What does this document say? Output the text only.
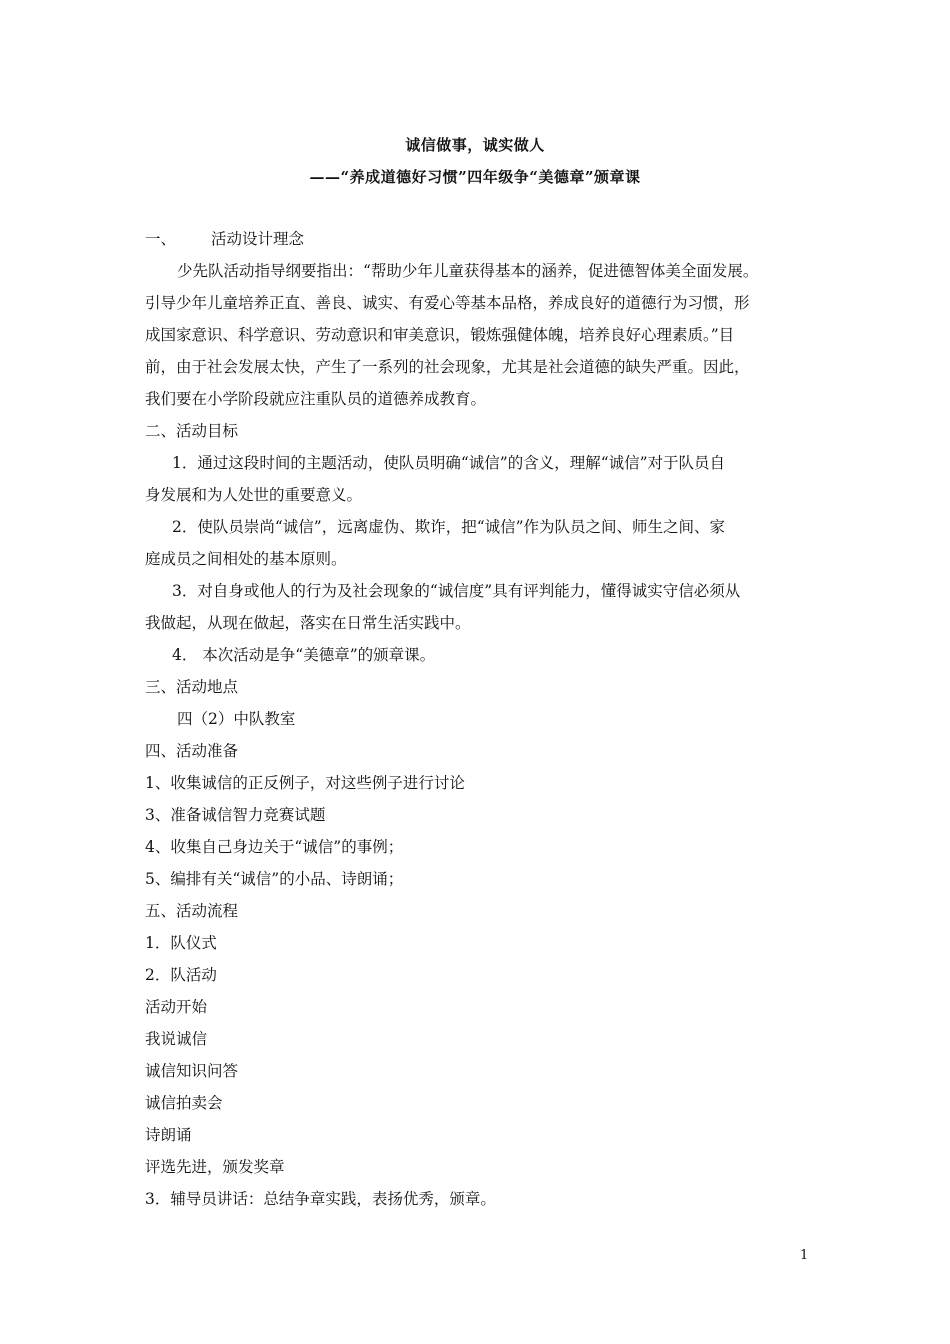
诚信做事，诚实做人
——“养成道德好习惯”四年级争“美德章”颁章课
一、 活动设计理念
少先队活动指导纲要指出：“帮助少年儿童获得基本的涵养，促进德智体美全面发展。
引导少年儿童培养正直、善良、诚实、有爱心等基本品格，养成良好的道德行为习惯，形
成国家意识、科学意识、劳动意识和审美意识，锻炼强健体魄，培养良好心理素质。”目
前，由于社会发展太快，产生了一系列的社会现象，尤其是社会道德的缺失严重。因此，
我们要在小学阶段就应注重队员的道德养成教育。
二、活动目标
1．通过这段时间的主题活动，使队员明确“诚信”的含义，理解“诚信”对于队员自
身发展和为人处世的重要意义。
2．使队员崇尚“诚信”，远离虚伪、欺诈，把“诚信”作为队员之间、师生之间、家
庭成员之间相处的基本原则。
3．对自身或他人的行为及社会现象的“诚信度”具有评判能力，懂得诚实守信必须从
我做起，从现在做起，落实在日常生活实践中。
4． 本次活动是争“美德章”的颁章课。
三、活动地点
四（2）中队教室
四、活动准备
1、收集诚信的正反例子，对这些例子进行讨论
3、准备诚信智力竞赛试题
4、收集自己身边关于“诚信”的事例；
5、编排有关“诚信”的小品、诗朗诵；
五、活动流程
1．队仪式
2．队活动
活动开始
我说诚信
诚信知识问答
诚信拍卖会
诗朗诵
评选先进，颁发奖章
3．辅导员讲话：总结争章实践，表扬优秀，颁章。
1
